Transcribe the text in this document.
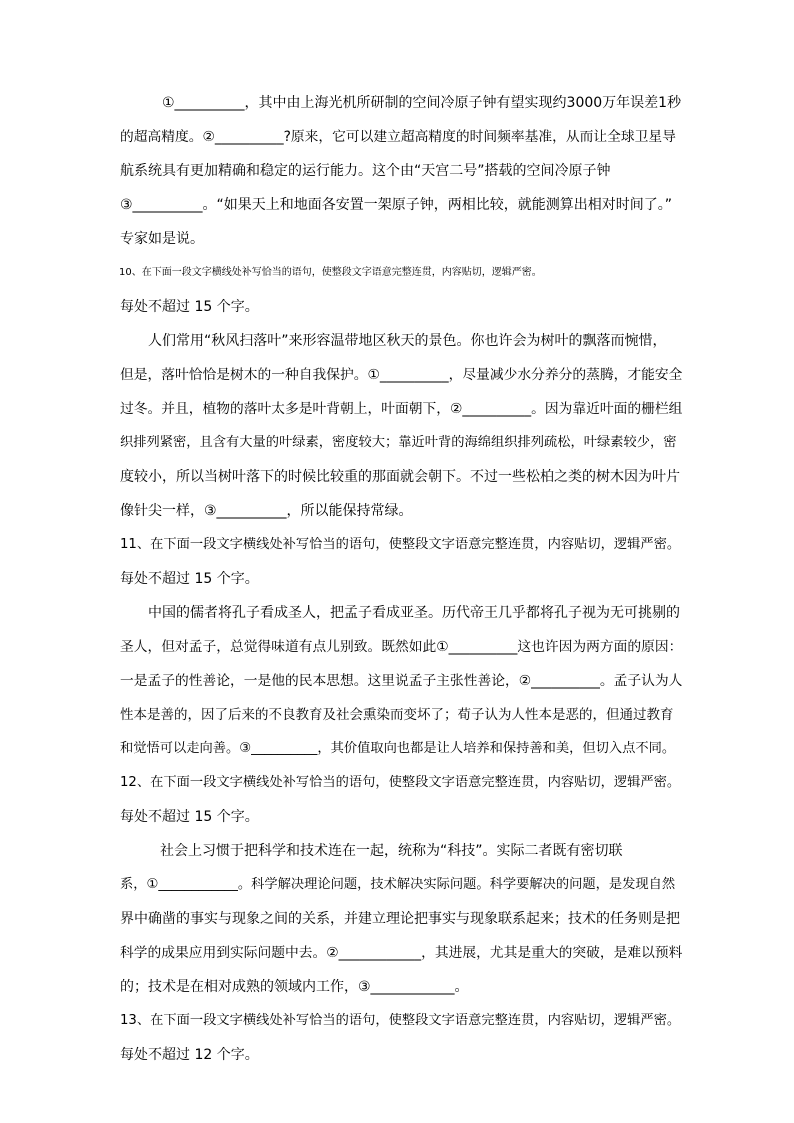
①__________，其中由上海光机所研制的空间冷原子钟有望实现约3000万年误差1秒
的超高精度。②__________?原来，它可以建立超高精度的时间频率基准，从而让全球卫星导
航系统具有更加精确和稳定的运行能力。这个由“天宫二号”搭载的空间冷原子钟
③__________。“如果天上和地面各安置一架原子钟，两相比较，就能测算出相对时间了。”
专家如是说。
10、在下面一段文字横线处补写恰当的语句，使整段文字语意完整连贯，内容贴切，逻辑严密。
每处不超过 15 个字。
人们常用“秋风扫落叶”来形容温带地区秋天的景色。你也许会为树叶的飘落而惋惜，
但是，落叶恰恰是树木的一种自我保护。①__________，尽量减少水分养分的蒸腾，才能安全
过冬。并且，植物的落叶太多是叶背朝上，叶面朝下，②__________。因为靠近叶面的栅栏组
织排列紧密，且含有大量的叶绿素，密度较大；靠近叶背的海绵组织排列疏松，叶绿素较少，密
度较小，所以当树叶落下的时候比较重的那面就会朝下。不过一些松柏之类的树木因为叶片
像针尖一样，③__________，所以能保持常绿。
11、在下面一段文字横线处补写恰当的语句，使整段文字语意完整连贯，内容贴切，逻辑严密。
每处不超过 15 个字。
中国的儒者将孔子看成圣人，把孟子看成亚圣。历代帝王几乎都将孔子视为无可挑剔的
圣人，但对孟子，总觉得味道有点儿别致。既然如此①__________这也许因为两方面的原因：
一是孟子的性善论，一是他的民本思想。这里说孟子主张性善论，②__________。孟子认为人
性本是善的，因了后来的不良教育及社会熏染而变坏了；荀子认为人性本是恶的，但通过教育
和觉悟可以走向善。③__________，其价值取向也都是让人培养和保持善和美，但切入点不同。
12、在下面一段文字横线处补写恰当的语句，使整段文字语意完整连贯，内容贴切，逻辑严密。
每处不超过 15 个字。
社会上习惯于把科学和技术连在一起，统称为“科技”。实际二者既有密切联
系，①____________。科学解决理论问题，技术解决实际问题。科学要解决的问题，是发现自然
界中确凿的事实与现象之间的关系，并建立理论把事实与现象联系起来；技术的任务则是把
科学的成果应用到实际问题中去。②____________，其进展，尤其是重大的突破，是难以预料
的；技术是在相对成熟的领域内工作，③____________。
13、在下面一段文字横线处补写恰当的语句，使整段文字语意完整连贯，内容贴切，逻辑严密。
每处不超过 12 个字。
